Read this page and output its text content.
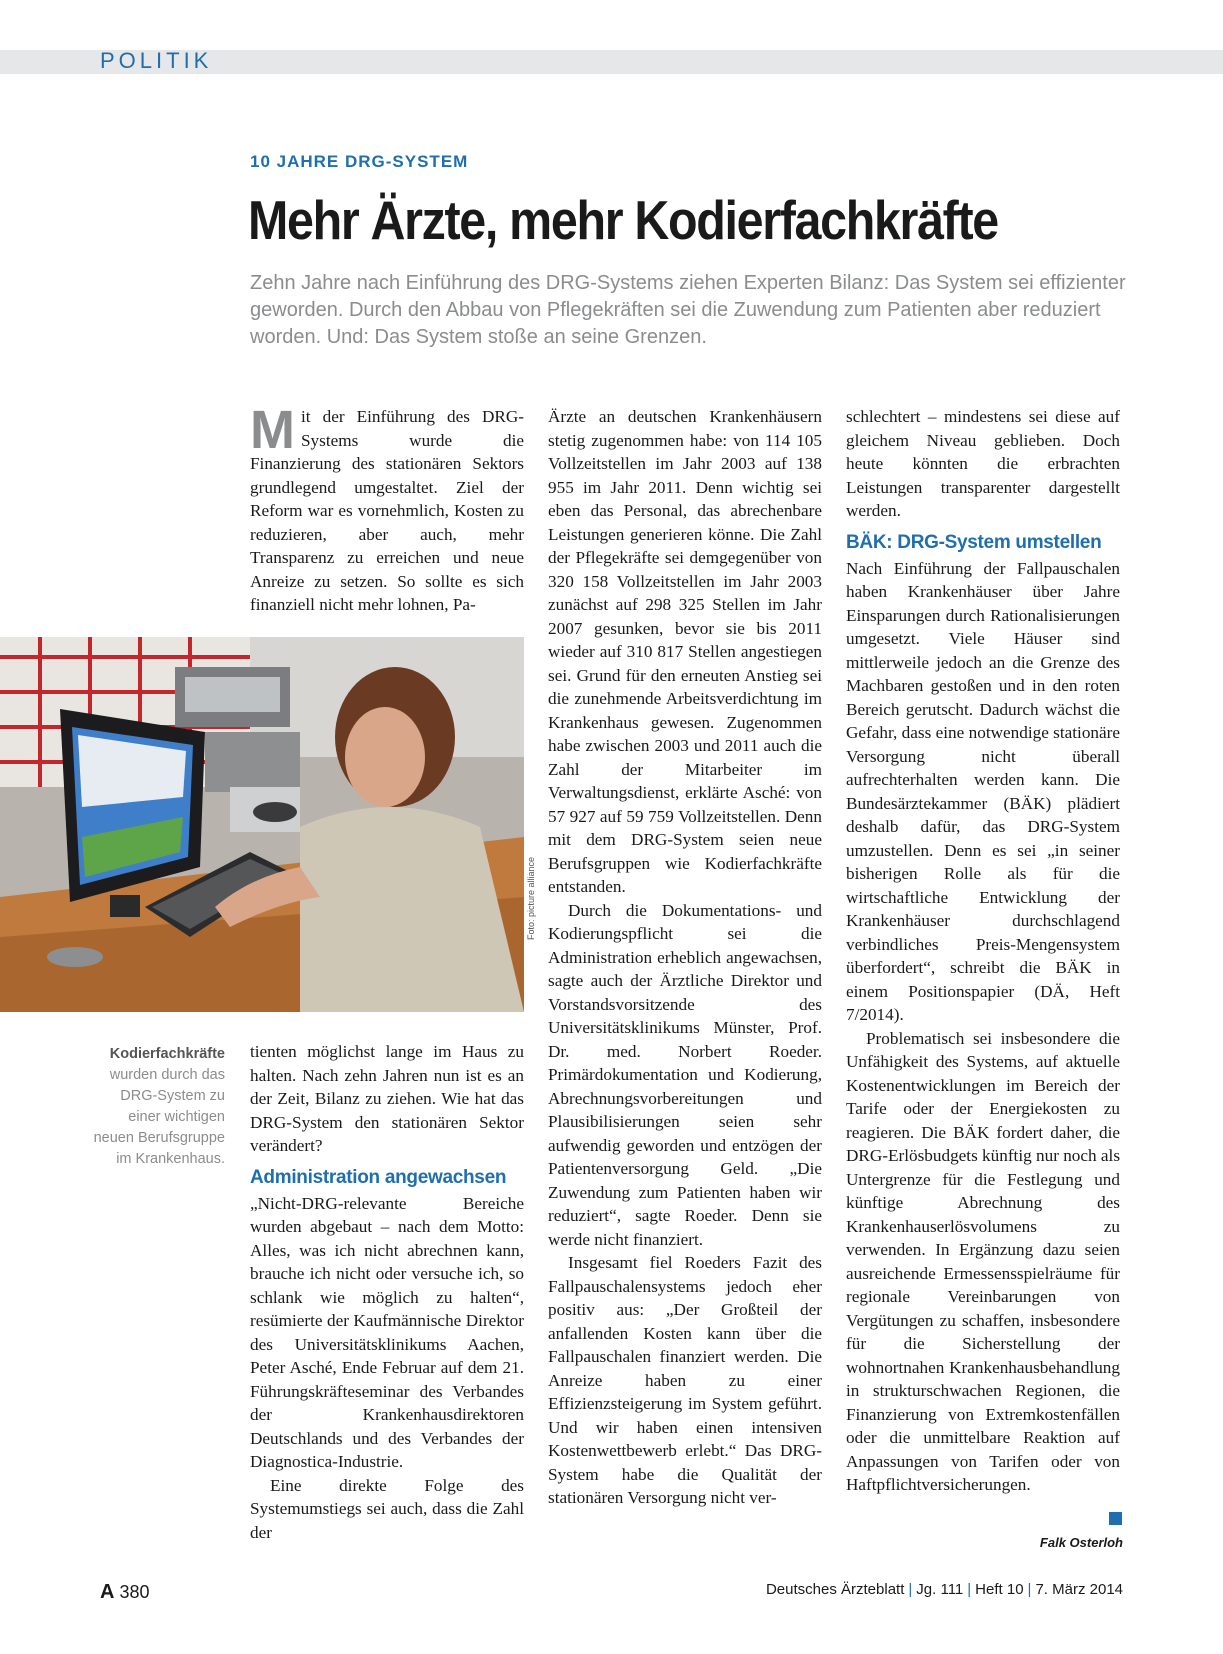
POLITIK
10 JAHRE DRG-SYSTEM
Mehr Ärzte, mehr Kodierfachkräfte

Zehn Jahre nach Einführung des DRG-Systems ziehen Experten Bilanz: Das System sei effizienter geworden. Durch den Abbau von Pflegekräften sei die Zuwendung zum Patienten aber reduziert worden. Und: Das System stoße an seine Grenzen.

Mit der Einführung des DRG-Systems wurde die Finanzierung des stationären Sektors grundlegend umgestaltet. Ziel der Reform war es vornehmlich, Kosten zu reduzieren, aber auch, mehr Transparenz zu erreichen und neue Anreize zu setzen. So sollte es sich finanziell nicht mehr lohnen, Pa-

Foto: picture alliance
Kodierfachkräfte
wurden durch das DRG-System zu einer wichtigen neuen Berufsgruppe im Krankenhaus.

tienten möglichst lange im Haus zu halten. Nach zehn Jahren nun ist es an der Zeit, Bilanz zu ziehen. Wie hat das DRG-System den stationären Sektor verändert?

Administration angewachsen

„Nicht-DRG-relevante Bereiche wurden abgebaut – nach dem Motto: Alles, was ich nicht abrechnen kann, brauche ich nicht oder versuche ich, so schlank wie möglich zu halten“, resümierte der Kaufmännische Direktor des Universitätsklinikums Aachen, Peter Asché, Ende Februar auf dem 21. Führungskräfteseminar des Verbandes der Krankenhausdirektoren Deutschlands und des Verbandes der Diagnostica-Industrie.

Eine direkte Folge des Systemumstiegs sei auch, dass die Zahl der

Ärzte an deutschen Krankenhäusern stetig zugenommen habe: von 114 105 Vollzeitstellen im Jahr 2003 auf 138 955 im Jahr 2011. Denn wichtig sei eben das Personal, das abrechenbare Leistungen generieren könne. Die Zahl der Pflegekräfte sei demgegenüber von 320 158 Vollzeitstellen im Jahr 2003 zunächst auf 298 325 Stellen im Jahr 2007 gesunken, bevor sie bis 2011 wieder auf 310 817 Stellen angestiegen sei. Grund für den erneuten Anstieg sei die zunehmende Arbeitsverdichtung im Krankenhaus gewesen. Zugenommen habe zwischen 2003 und 2011 auch die Zahl der Mitarbeiter im Verwaltungsdienst, erklärte Asché: von 57 927 auf 59 759 Vollzeitstellen. Denn mit dem DRG-System seien neue Berufsgruppen wie Kodierfachkräfte entstanden.

Durch die Dokumentations- und Kodierungspflicht sei die Administration erheblich angewachsen, sagte auch der Ärztliche Direktor und Vorstandsvorsitzende des Universitätsklinikums Münster, Prof. Dr. med. Norbert Roeder. Primärdokumentation und Kodierung, Abrechnungsvorbereitungen und Plausibilisierungen seien sehr aufwendig geworden und entzögen der Patientenversorgung Geld. „Die Zuwendung zum Patienten haben wir reduziert“, sagte Roeder. Denn sie werde nicht finanziert.

Insgesamt fiel Roeders Fazit des Fallpauschalensystems jedoch eher positiv aus: „Der Großteil der anfallenden Kosten kann über die Fallpauschalen finanziert werden. Die Anreize haben zu einer Effizienzsteigerung im System geführt. Und wir haben einen intensiven Kostenwettbewerb erlebt.“ Das DRG-System habe die Qualität der stationären Versorgung nicht ver-

schlechtert – mindestens sei diese auf gleichem Niveau geblieben. Doch heute könnten die erbrachten Leistungen transparenter dargestellt werden.

BÄK: DRG-System umstellen

Nach Einführung der Fallpauschalen haben Krankenhäuser über Jahre Einsparungen durch Rationalisierungen umgesetzt. Viele Häuser sind mittlerweile jedoch an die Grenze des Machbaren gestoßen und in den roten Bereich gerutscht. Dadurch wächst die Gefahr, dass eine notwendige stationäre Versorgung nicht überall aufrechterhalten werden kann. Die Bundesärztekammer (BÄK) plädiert deshalb dafür, das DRG-System umzustellen. Denn es sei „in seiner bisherigen Rolle als für die wirtschaftliche Entwicklung der Krankenhäuser durchschlagend verbindliches Preis-Mengensystem überfordert“, schreibt die BÄK in einem Positionspapier (DÄ, Heft 7/2014).

Problematisch sei insbesondere die Unfähigkeit des Systems, auf aktuelle Kostenentwicklungen im Bereich der Tarife oder der Energiekosten zu reagieren. Die BÄK fordert daher, die DRG-Erlösbudgets künftig nur noch als Untergrenze für die Festlegung und künftige Abrechnung des Krankenhauserlösvolumens zu verwenden. In Ergänzung dazu seien ausreichende Ermessensspielräume für regionale Vereinbarungen von Vergütungen zu schaffen, insbesondere für die Sicherstellung der wohnortnahen Krankenhausbehandlung in strukturschwachen Regionen, die Finanzierung von Extremkostenfällen oder die unmittelbare Reaktion auf Anpassungen von Tarifen oder von Haftpflichtversicherungen.

Falk Osterloh
A 380	Deutsches Ärzteblatt | Jg. 111 | Heft 10 | 7. März 2014
